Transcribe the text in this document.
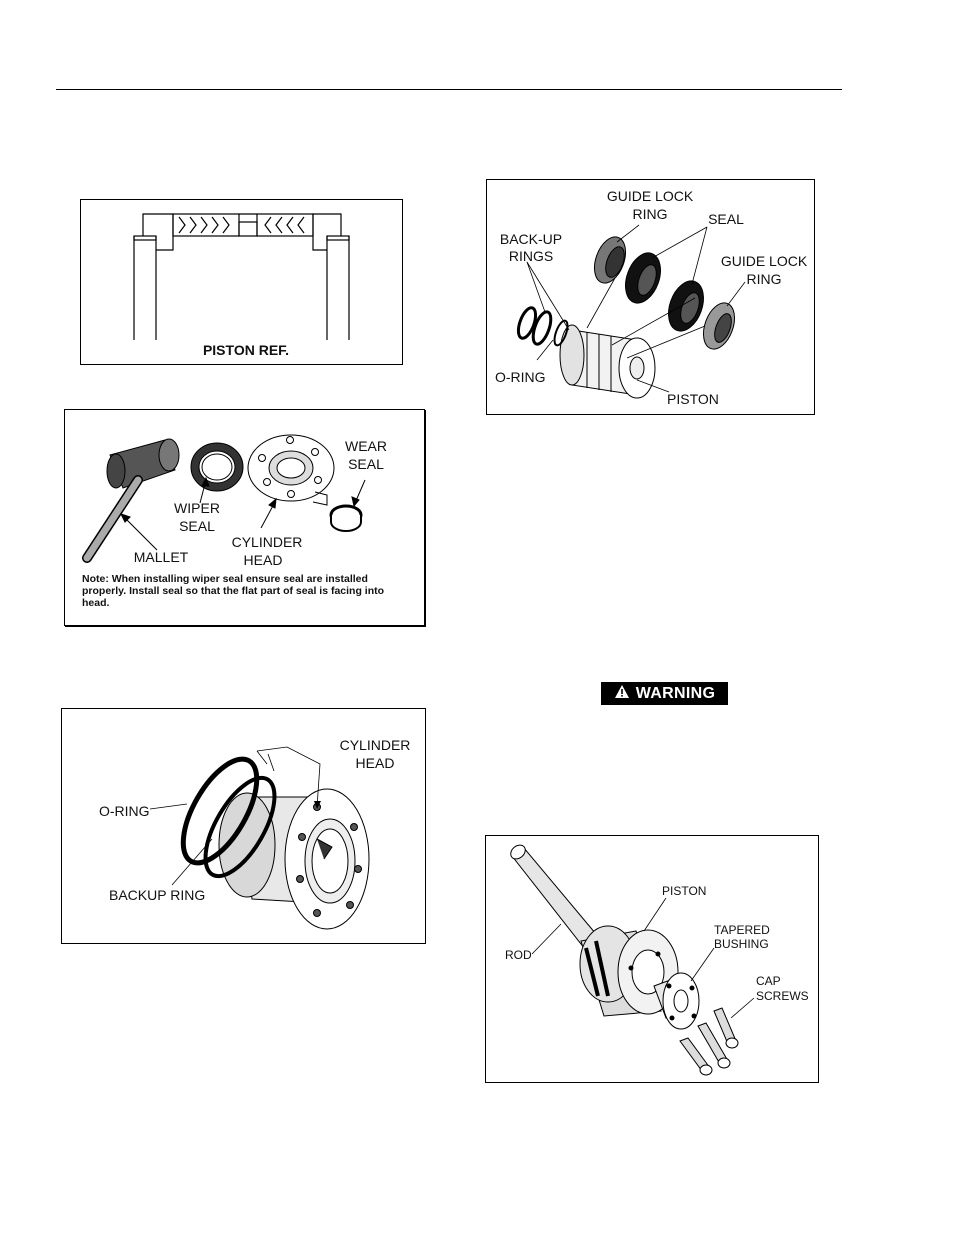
PISTON REF.
WEAR
SEAL
WIPER
SEAL
CYLINDER
HEAD
MALLET
Note: When installing wiper seal ensure seal are installed properly. Install seal so that the flat part of seal is facing into head.
CYLINDER
HEAD
O-RING
BACKUP RING
GUIDE LOCK
RING	SEAL
BACK-UP
RINGS	GUIDE LOCK
RING
O-RING
PISTON
WARNING
PISTON
TAPERED
BUSHING
ROD
CAP
SCREWS
